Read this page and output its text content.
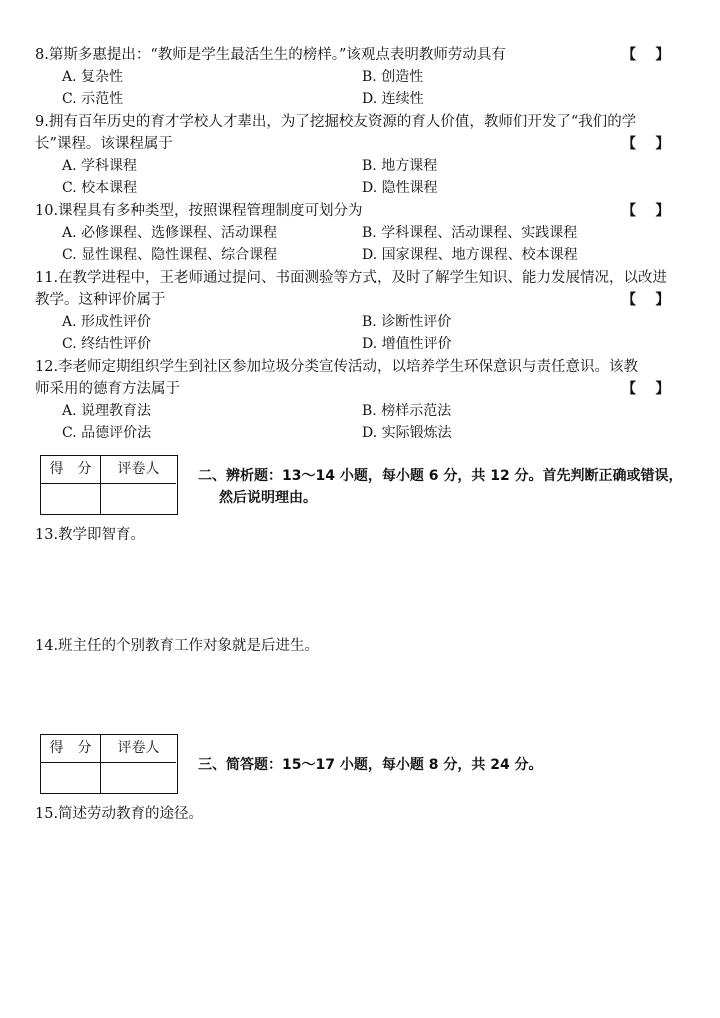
8.第斯多惠提出：“教师是学生最活生生的榜样。”该观点表明教师劳动具有	【    】
A. 复杂性	B. 创造性
C. 示范性	D. 连续性
9.拥有百年历史的育才学校人才辈出，为了挖掘校友资源的育人价值，教师们开发了“我们的学
长”课程。该课程属于	【    】
A. 学科课程	B. 地方课程
C. 校本课程	D. 隐性课程
10.课程具有多种类型，按照课程管理制度可划分为	【    】
A. 必修课程、选修课程、活动课程	B. 学科课程、活动课程、实践课程
C. 显性课程、隐性课程、综合课程	D. 国家课程、地方课程、校本课程
11.在教学进程中，王老师通过提问、书面测验等方式，及时了解学生知识、能力发展情况，以改进
教学。这种评价属于	【    】
A. 形成性评价	B. 诊断性评价
C. 终结性评价	D. 增值性评价
12.李老师定期组织学生到社区参加垃圾分类宣传活动，以培养学生环保意识与责任意识。该教
师采用的德育方法属于	【    】
A. 说理教育法	B. 榜样示范法
C. 品德评价法	D. 实际锻炼法
得　分	评卷人	二、辨析题：13～14 小题，每小题 6 分，共 12 分。首先判断正确或错误，
然后说明理由。
13.教学即智育。
14.班主任的个别教育工作对象就是后进生。
得　分	评卷人
三、简答题：15～17 小题，每小题 8 分，共 24 分。
15.简述劳动教育的途径。
